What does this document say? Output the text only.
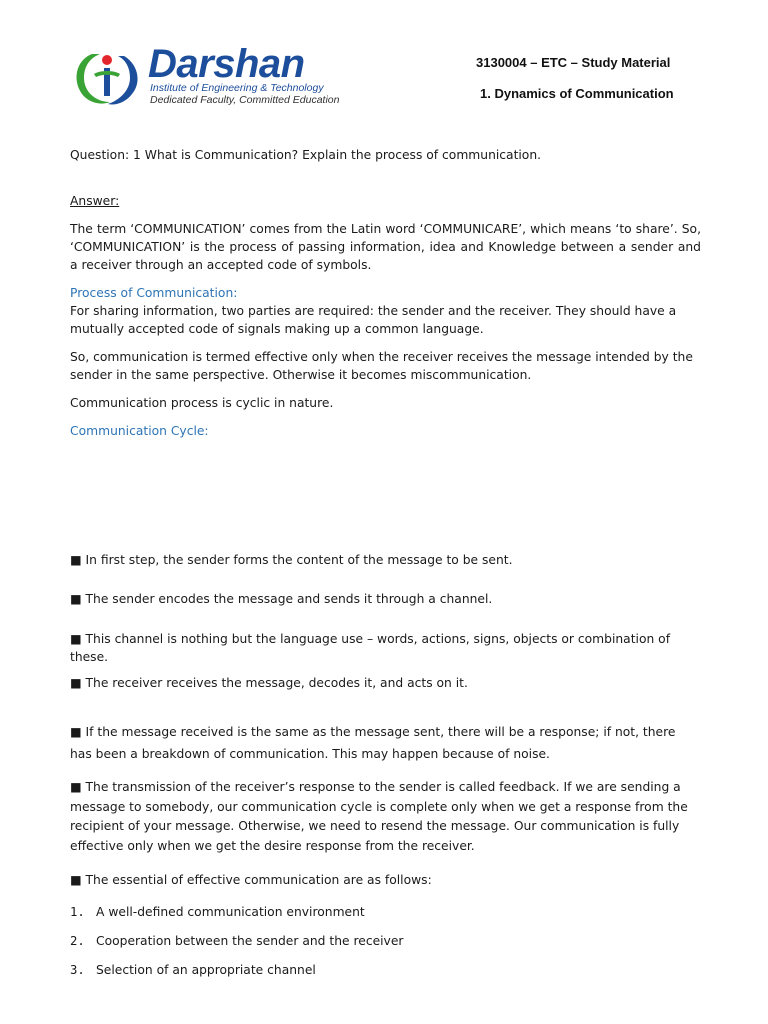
Darshan
Institute of Engineering & Technology
Dedicated Faculty, Committed Education
3130004 – ETC – Study Material
1. Dynamics of Communication
Question: 1 What is Communication? Explain the process of communication.
Answer:
The term ‘COMMUNICATION’ comes from the Latin word ‘COMMUNICARE’, which means ‘to share’. So, ‘COMMUNICATION’ is the process of passing information, idea and Knowledge between a sender and a receiver through an accepted code of symbols.
Process of Communication:
For sharing information, two parties are required: the sender and the receiver. They should have a mutually accepted code of signals making up a common language.
So, communication is termed effective only when the receiver receives the message intended by the sender in the same perspective. Otherwise it becomes miscommunication.
Communication process is cyclic in nature.
Communication Cycle:
■ In first step, the sender forms the content of the message to be sent.
■ The sender encodes the message and sends it through a channel.
■ This channel is nothing but the language use – words, actions, signs, objects or combination of these.
■ The receiver receives the message, decodes it, and acts on it.
■ If the message received is the same as the message sent, there will be a response; if not, there has been a breakdown of communication. This may happen because of noise.
■ The transmission of the receiver’s response to the sender is called feedback. If we are sending a message to somebody, our communication cycle is complete only when we get a response from the recipient of your message. Otherwise, we need to resend the message. Our communication is fully effective only when we get the desire response from the receiver.
■ The essential of effective communication are as follows:
1. A well-defined communication environment
2. Cooperation between the sender and the receiver
3. Selection of an appropriate channel
